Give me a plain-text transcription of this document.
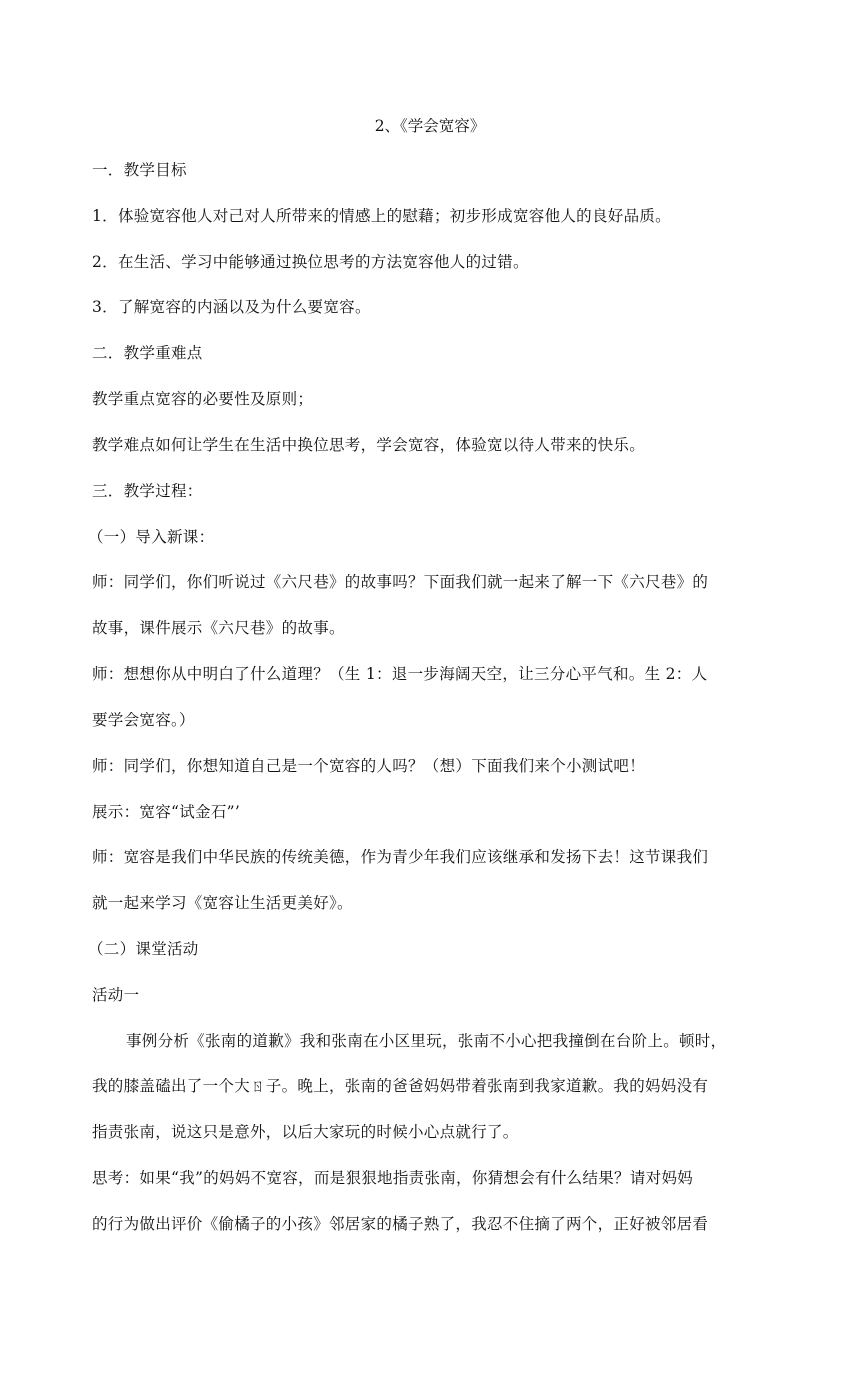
2、《学会宽容》
一．教学目标
1．体验宽容他人对己对人所带来的情感上的慰藉；初步形成宽容他人的良好品质。
2．在生活、学习中能够通过换位思考的方法宽容他人的过错。
3．了解宽容的内涵以及为什么要宽容。
二．教学重难点
教学重点宽容的必要性及原则；
教学难点如何让学生在生活中换位思考，学会宽容，体验宽以待人带来的快乐。
三．教学过程：
（一）导入新课：
师：同学们，你们听说过《六尺巷》的故事吗？下面我们就一起来了解一下《六尺巷》的
故事，课件展示《六尺巷》的故事。
师：想想你从中明白了什么道理？（生 1：退一步海阔天空，让三分心平气和。生 2：人
要学会宽容。）
师：同学们，你想知道自己是一个宽容的人吗？（想）下面我们来个小测试吧！
展示：宽容“试金石”’
师：宽容是我们中华民族的传统美德，作为青少年我们应该继承和发扬下去！这节课我们
就一起来学习《宽容让生活更美好》。
（二）课堂活动
活动一
事例分析《张南的道歉》我和张南在小区里玩，张南不小心把我撞倒在台阶上。顿时，
我的膝盖磕出了一个大ㄖ子。晚上，张南的爸爸妈妈带着张南到我家道歉。我的妈妈没有
指责张南，说这只是意外，以后大家玩的时候小心点就行了。
思考：如果“我”的妈妈不宽容，而是狠狠地指责张南，你猜想会有什么结果？请对妈妈
的行为做出评价《偷橘子的小孩》邻居家的橘子熟了，我忍不住摘了两个，正好被邻居看
